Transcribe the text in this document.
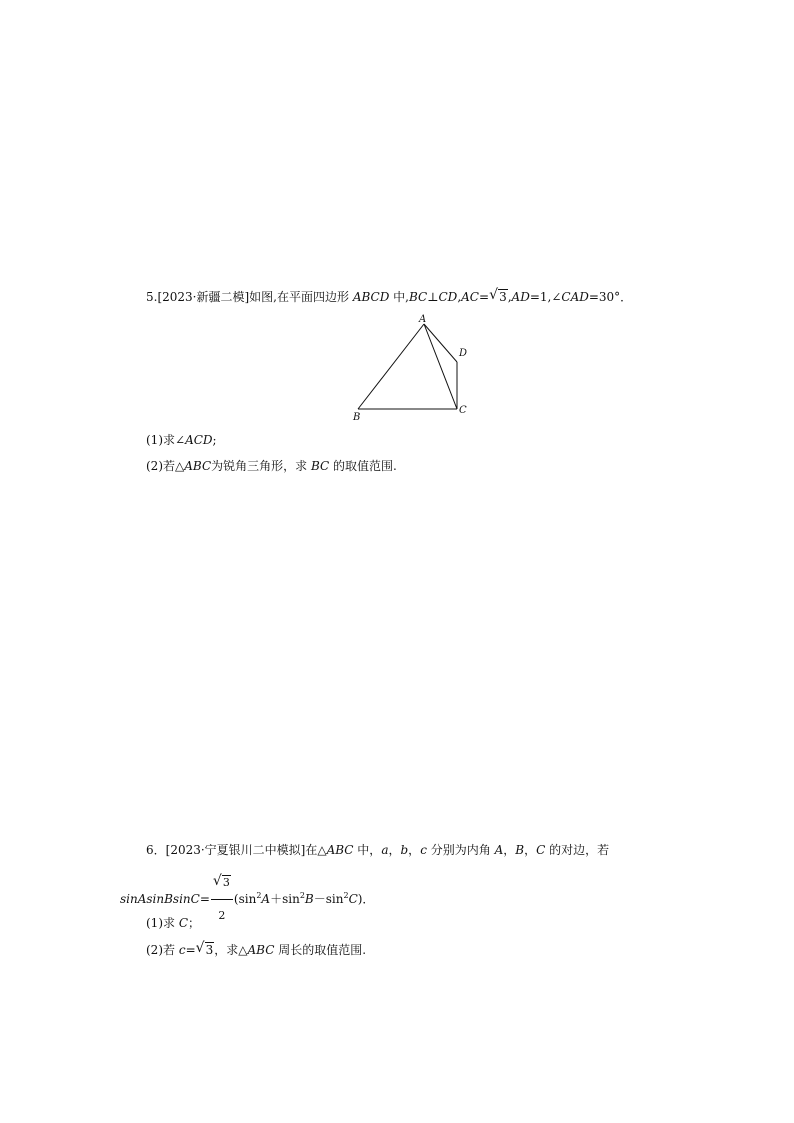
5.[2023·新疆二模]如图,在平面四边形 ABCD 中,BC⊥CD,AC= √ 3,AD=1,∠CAD=30°．
A
B
C
D
(1)求∠ACD;
(2)若△ABC为锐角三角形，求 BC 的取值范围.
6．[2023·宁夏银川二中模拟]在△ABC 中，a，b，c 分别为内角 A，B，C 的对边，若
sinAsinBsinC= √ $\frac{3}{2} (\sin^2A+\sin^2B-\sin^2C)$．
(1)求 C；
(2)若 c= √ 3，求△ABC 周长的取值范围.
